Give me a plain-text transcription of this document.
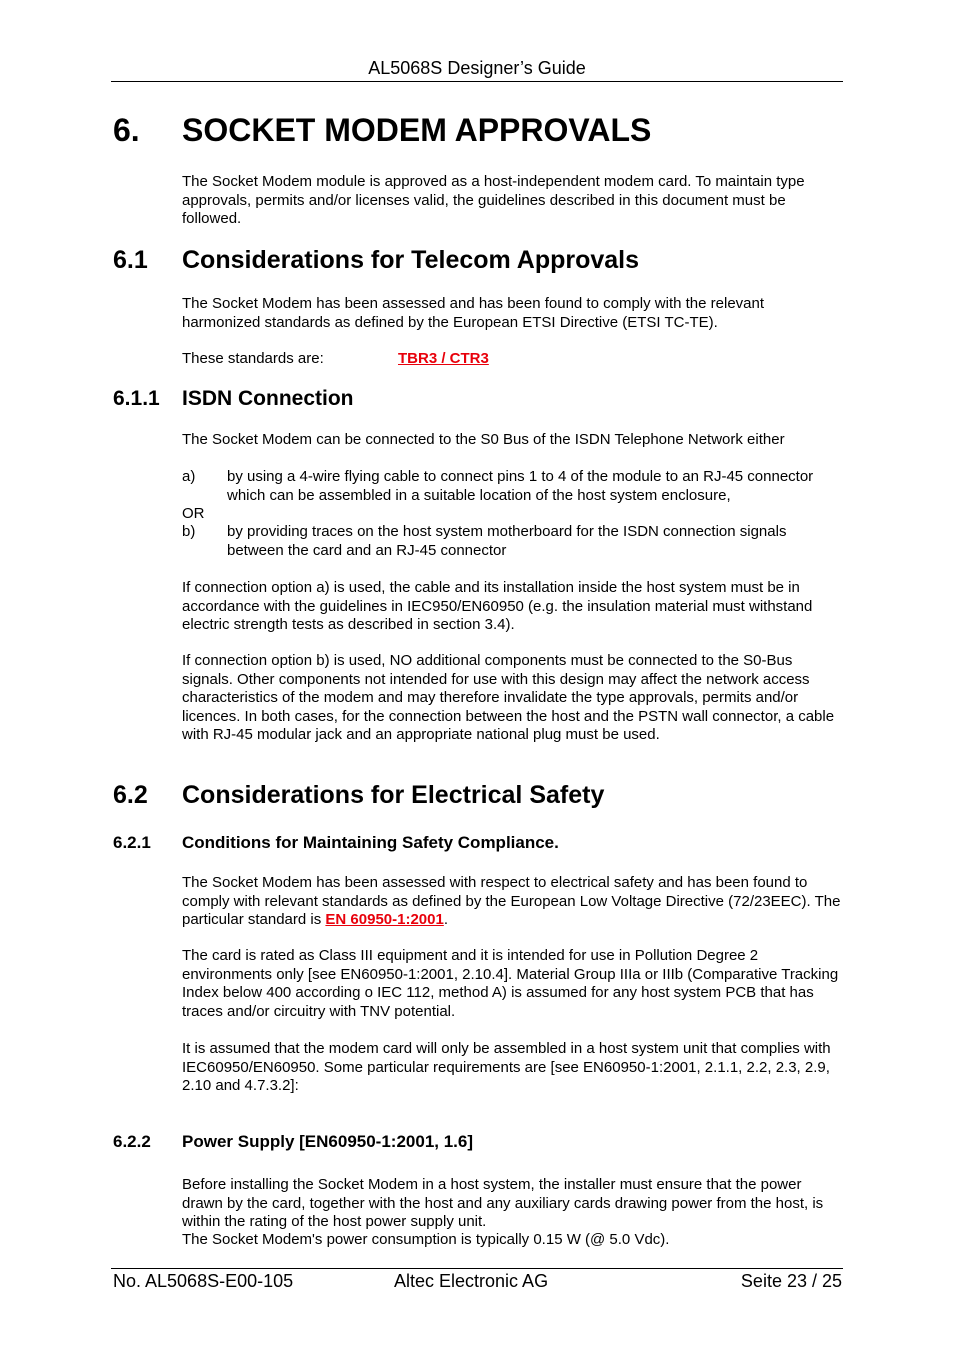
AL5068S Designer’s Guide
6. SOCKET MODEM APPROVALS
The Socket Modem module is approved as a host-independent modem card. To maintain type approvals, permits and/or licenses valid, the guidelines described in this document must be followed.
6.1 Considerations for Telecom Approvals
The Socket Modem has been assessed and has been found to comply with the relevant harmonized standards as defined by the European ETSI Directive (ETSI TC-TE).
These standards are:	TBR3 / CTR3
6.1.1 ISDN Connection
The Socket Modem can be connected to the S0 Bus of the ISDN Telephone Network either
a) by using a 4-wire flying cable to connect pins 1 to 4 of the module to an RJ-45 connector which can be assembled in a suitable location of the host system enclosure,
OR
b) by providing traces on the host system motherboard for the ISDN connection signals between the card and an RJ-45 connector
If connection option a) is used, the cable and its installation inside the host system must be in accordance with the guidelines in IEC950/EN60950 (e.g. the insulation material must withstand electric strength tests as described in section 3.4).
If connection option b) is used, NO additional components must be connected to the S0-Bus signals. Other components not intended for use with this design may affect the network access characteristics of the modem and may therefore invalidate the type approvals, permits and/or licences. In both cases, for the connection between the host and the PSTN wall connector, a cable with RJ-45 modular jack and an appropriate national plug must be used.
6.2 Considerations for Electrical Safety
6.2.1 Conditions for Maintaining Safety Compliance.
The Socket Modem has been assessed with respect to electrical safety and has been found to comply with relevant standards as defined by the European Low Voltage Directive (72/23EEC). The particular standard is EN 60950-1:2001.
The card is rated as Class III equipment and it is intended for use in Pollution Degree 2 environments only [see EN60950-1:2001, 2.10.4]. Material Group IIIa or IIIb (Comparative Tracking Index below 400 according o IEC 112, method A) is assumed for any host system PCB that has traces and/or circuitry with TNV potential.
It is assumed that the modem card will only be assembled in a host system unit that complies with IEC60950/EN60950. Some particular requirements are [see EN60950-1:2001, 2.1.1, 2.2, 2.3, 2.9, 2.10 and 4.7.3.2]:
6.2.2 Power Supply [EN60950-1:2001, 1.6]
Before installing the Socket Modem in a host system, the installer must ensure that the power drawn by the card, together with the host and any auxiliary cards drawing power from the host, is within the rating of the host power supply unit.
The Socket Modem's power consumption is typically 0.15 W (@ 5.0 Vdc).
No. AL5068S-E00-105	Altec Electronic AG	Seite 23 / 25
